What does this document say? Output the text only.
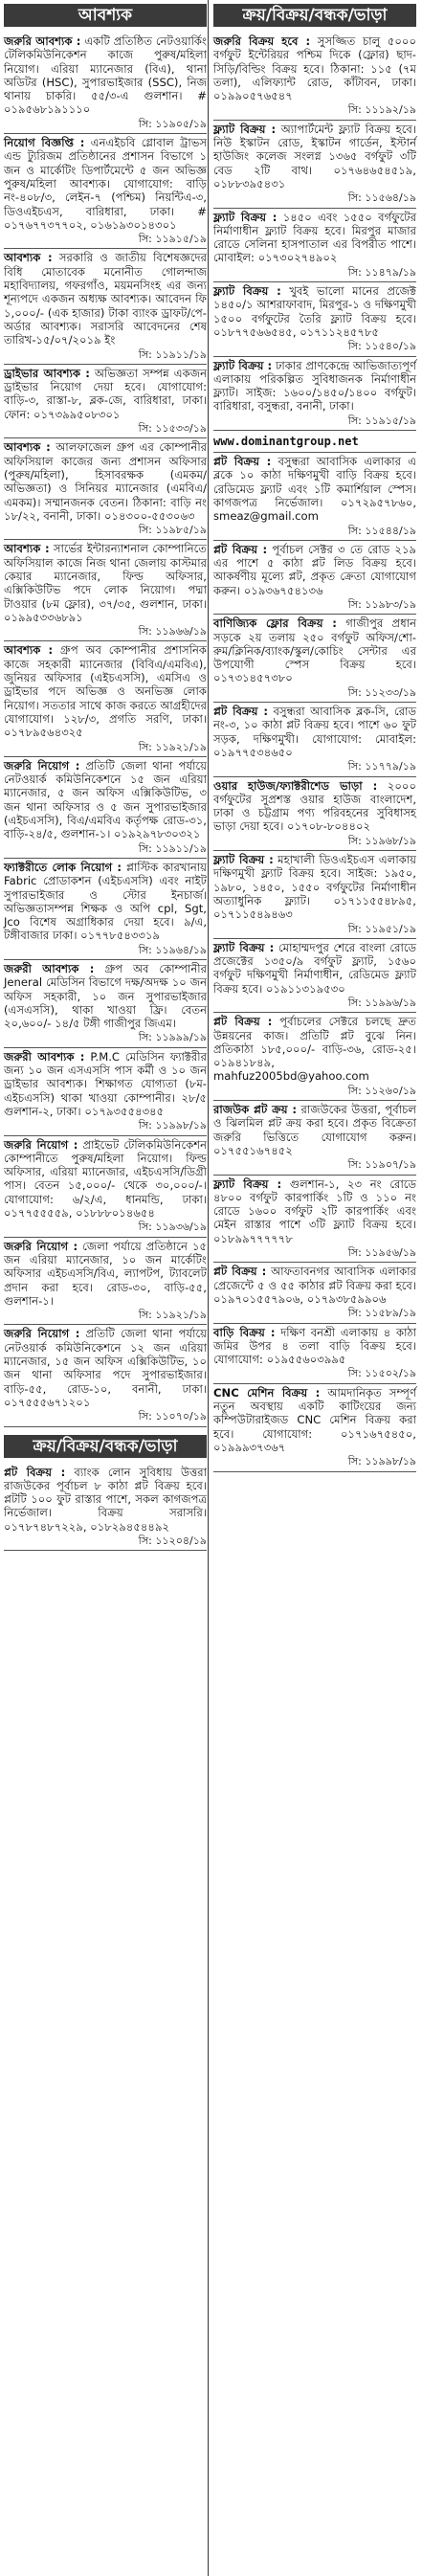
আবশ্যক
জরুরি আবশ্যক : একটি প্রতিষ্ঠিত নেটওয়ার্কিং টেলিকমিউনিকেশন কাজে পুরুষ/মহিলা নিয়োগ। এরিয়া ম্যানেজার (বিএ), থানা অডিটর (HSC), সুপারভাইজার (SSC), নিজ থানায় চাকরি। ৫৫/৩-এ গুলশান। # ০১৯৫৬৮১৯১১১০
সি: ১১৯০৫/১৯
নিয়োগ বিজ্ঞপ্তি : এনএইচবি গ্লোবাল ট্রাভস এন্ড ট্যুরিজম প্রতিষ্ঠানের প্রশাসন বিভাগে ১ জন ও মার্কেটিং ডিপার্টমেন্টে ৫ জন অভিজ্ঞ পুরুষ/মহিলা আবশ্যক। যোগাযোগ: বাড়ি নং-৪০৮/৩, লেইন-৭ (পশ্চিম) নিয়ন্টিএ-৩, ডিওএইচএস, বারিধারা, ঢাকা। # ০১৭৬৭৭৩৭৭০২, ০১৬১৯৩০১৪৩০১
সি: ১১৯১৫/১৯
আবশ্যক : সরকারি ও জাতীয় বিশেষজ্ঞদের বিধি মোতাবেক মনোনীত গোলন্দাজ মহাবিদ্যালয়, গফরগাঁও, ময়মনসিংহ এর জন্য শূন্যপদে একজন অধ্যক্ষ আবশ্যক। আবেদন ফি ১,০০০/- (এক হাজার) টাকা ব্যাংক ড্রাফট/পে-অর্ডার আবশ্যক। সরাসরি আবেদনের শেষ তারিখ-১৫/০৭/২০১৯ ইং
সি: ১১৯১১/১৯
ড্রাইভার আবশ্যক : অভিজ্ঞতা সম্পন্ন একজন ড্রাইভার নিয়োগ দেয়া হবে। যোগাযোগ: বাড়ি-৩, রাস্তা-৮, ব্লক-জে, বারিধারা, ঢাকা। ফোন: ০১৭৩৯৯৫০৮৩০১
সি: ১১৫৩৩/১৯
আবশ্যক : আলফাজেল গ্রুপ এর কোম্পানীর অফিসিয়াল কাজের জন্য প্রশাসন অফিসার (পুরুষ/মহিলা), হিসাবরক্ষক (এমকম/অভিজ্ঞতা) ও সিনিয়র ম্যানেজার (এমবিএ/এমকম)। সম্মানজনক বেতন। ঠিকানা: বাড়ি নং ১৮/২২, বনানী, ঢাকা। ০১৪৩০০-৫৫৩০৬৩
সি: ১১৯৮৫/১৯
আবশ্যক : সার্ভের ইন্টারন্যাশনাল কোম্পানিতে অফিসিয়াল কাজে নিজ থানা জেলায় কাস্টমার কেয়ার ম্যানেজার, ফিল্ড অফিসার, এক্সিকিউটিভ পদে লোক নিয়োগ। পদ্মা টাওয়ার (৮ম ফ্লোর), ৩৭/৩৫, গুলশান, ঢাকা। ০১৯৯৫৩৩৬৮৯১
সি: ১১৯৬৬/১৯
আবশ্যক : গ্রুপ অব কোম্পানীর প্রশাসনিক কাজে সহকারী ম্যানেজার (বিবিএ/এমবিএ), জুনিয়র অফিসার (এইচএসসি), এমসিএ ও ড্রাইভার পদে অভিজ্ঞ ও অনভিজ্ঞ লোক নিয়োগ। সততার সাথে কাজ করতে আগ্রহীদের যোগাযোগ। ১২৮/৩, প্রগতি সরণি, ঢাকা। ০১৭৮৯৫৬৪৩২৫
সি: ১১৯২১/১৯
জরুরি নিয়োগ : প্রতিটি জেলা থানা পর্যায়ে নেটওয়ার্ক কমিউনিকেশনে ১৫ জন এরিয়া ম্যানেজার, ৫ জন অফিস এক্সিকিউটিভ, ৩ জন থানা অফিসার ও ৫ জন সুপারভাইজার (এইচএসসি), বিএ/এমবিএ কর্তৃপক্ষ রোড-৩১, বাড়ি-২৪/৫, গুলশান-১। ০১৯২৯৭৮৩০৩২১
সি: ১১৯১১/১৯
ফ্যাক্টরীতে লোক নিয়োগ : প্লাস্টিক কারখানায় Fabric প্রোডাকশন (এইচএসসি) এবং নাইট সুপারভাইজার ও স্টোর ইনচার্জ। অভিজ্ঞতাসম্পন্ন শিক্ষক ও অপি cpl, Sgt, Jco বিশেষ অগ্রাধিকার দেয়া হবে। ৯/এ, টঙ্গীবাজার ঢাকা। ০১৭৭৮৫৪৩৩১৯
সি: ১১৯৬৪/১৯
জরুরী আবশ্যক : গ্রুপ অব কোম্পানীর Jeneral মেডিসিন বিভাগে দক্ষ/অদক্ষ ১০ জন অফিস সহকারী, ১০ জন সুপারভাইজার (এসএসসি), থাকা খাওয়া ফ্রি। বেতন ২০,৬০০/- ১৪/৫ টঙ্গী গাজীপুর জিএম।
সি: ১১৯৯৯/১৯
জরুরী আবশ্যক : P.M.C মেডিসিন ফ্যাক্টরীর জন্য ১০ জন এসএসসি পাস কর্মী ও ১০ জন ড্রাইভার আবশ্যক। শিক্ষাগত যোগ্যতা (৮ম-এইচএসসি) থাকা খাওয়া কোম্পানীর। ২৮/৫ গুলশান-২, ঢাকা। ০১৭৯৩৫৫৪৩৪৫
সি: ১১৯৯৮/১৯
জরুরি নিয়োগ : প্রাইভেট টেলিকমিউনিকেশন কোম্পানীতে পুরুষ/মহিলা নিয়োগ। ফিল্ড অফিসার, এরিয়া ম্যানেজার, এইচএসসি/ডিগ্রী পাস। বেতন ১৫,০০০/- থেকে ৩০,০০০/-। যোগাযোগ: ৬/২/এ, ধানমন্ডি, ঢাকা। ০১৭৭৫৫৫৫৯, ০১৮৮৮০১৪৬৫৪
সি: ১১৯৩৬/১৯
জরুরি নিয়োগ : জেলা পর্যায়ে প্রতিষ্ঠানে ১৫ জন এরিয়া ম্যানেজার, ১০ জন মার্কেটিং অফিসার এইচএসসি/বিএ, ল্যাপটপ, ট্যাবলেট প্রদান করা হবে। রোড-৩০, বাড়ি-৫৫, গুলশান-১।
সি: ১১৯২১/১৯
জরুরি নিয়োগ : প্রতিটি জেলা থানা পর্যায়ে নেটওয়ার্ক কমিউনিকেশনে ১২ জন এরিয়া ম্যানেজার, ১৫ জন অফিস এক্সিকিউটিভ, ১০ জন থানা অফিসার পদে সুপারভাইজার। বাড়ি-৫৫, রোড-১০, বনানী, ঢাকা। ০১৭৫৫৫৬৭১২০১
সি: ১১০৭০/১৯
ক্রয়/বিক্রয়/বন্ধক/ভাড়া
প্লট বিক্রয় : ব্যাংক লোন সুবিধায় উত্তরা রাজউকের পূর্বাচল ৮ কাঠা প্লট বিক্রয় হবে। প্লটটি ১০০ ফুট রাস্তার পাশে, সকল কাগজপত্র নির্ভেজাল। বিক্রয় সরাসরি। ০১৭৮৭৪৮৭২২৯, ০১৮২৯৪৫৪৪৯২
সি: ১১২০৪/১৯
ক্রয়/বিক্রয়/বন্ধক/ভাড়া
জরুরি বিক্রয় হবে : সুসজ্জিত চালু ৫০০০ বর্গফুট ইন্টেরিয়র পশ্চিম দিকে (ফ্লোর) ছাদ-সিড়ি/বিল্ডিং বিক্রয় হবে। ঠিকানা: ১১৫ (৭ম তলা), এলিফ্যান্ট রোড, কাঁটাবন, ঢাকা। ০১৯৯০৫৭৬৫৪৭
সি: ১১১৯২/১৯
ফ্ল্যাট বিক্রয় : অ্যাপার্টমেন্ট ফ্ল্যাট বিক্রয় হবে। নিউ ইস্কাটন রোড, ইস্কাটন গার্ডেন, ইস্টার্ন হাউজিং কলেজ সংলগ্ন ১৩৬৫ বর্গফুট ৩টি বেড ২টি বাথ। ০১৭৬৪৬৫৪৫১৯, ০১৮৮৩৯৫৪৩১
সি: ১১৫৬৪/১৯
ফ্ল্যাট বিক্রয় : ১৪৫০ এবং ১৫৫০ বর্গফুটের নির্মাণাধীন ফ্ল্যাট বিক্রয় হবে। মিরপুর মাজার রোডে সেলিনা হাসপাতাল এর বিপরীত পাশে। মোবাইল: ০১৭৩০২৭৪৯০২
সি: ১১৪৭৯/১৯
ফ্ল্যাট বিক্রয় : খুবই ভালো মানের প্রজেক্ট ১৪৫০/১ আশরাফাবাদ, মিরপুর-১ ও দক্ষিণমুখী ১৫০০ বর্গফুটের তৈরি ফ্ল্যাট বিক্রয় হবে। ০১৮৭৭৫৬৬৫৪৫, ০১৭১১২৪৫৭৮৫
সি: ১১৫৪০/১৯
ফ্ল্যাট বিক্রয় : ঢাকার প্রাণকেন্দ্রে আভিজাত্যপূর্ণ এলাকায় পরিকল্পিত সুবিধাজনক নির্মাণাধীন ফ্ল্যাট। সাইজ: ১৬০০/১৪৫০/১৪০০ বর্গফুট। বারিধারা, বসুন্ধরা, বনানী, ঢাকা।
সি: ১১৯১৫/১৯
www.dominantgroup.net
প্লট বিক্রয় : বসুন্ধরা আবাসিক এলাকার এ ব্লকে ১০ কাঠা দক্ষিণমুখী বাড়ি বিক্রয় হবে। রেডিমেড ফ্ল্যাট এবং ১টি কমার্শিয়াল স্পেস। কাগজপত্র নির্ভেজাল। ০১৭২৯৫৭৮৬০, smeaz@gmail.com
সি: ১১৫৪৪/১৯
প্লট বিক্রয় : পূর্বাচল সেক্টর ৩ তে রোড ২১৯ এর পাশে ৫ কাঠা প্লট লিড বিক্রয় হবে। আকর্ষণীয় মূল্যে প্লট, প্রকৃত ক্রেতা যোগাযোগ করুন। ০১৯৩৬৭৫৪১৩৬
সি: ১১৯৮৩/১৯
বাণিজ্যিক ফ্লোর বিক্রয় : গাজীপুর প্রধান সড়কে ২য় তলায় ২৫০ বর্গফুট অফিস/শো-রুম/ক্লিনিক/ব্যাংক/স্কুল/কোচিং সেন্টার এর উপযোগী স্পেস বিক্রয় হবে। ০১৭৩১৪৫৭৩৮০
সি: ১১২৩৩/১৯
প্লট বিক্রয় : বসুন্ধরা আবাসিক ব্লক-সি, রোড নং-৩, ১০ কাঠা প্লট বিক্রয় হবে। পাশে ৬০ ফুট সড়ক, দক্ষিণমুখী। যোগাযোগ: মোবাইল: ০১৯৭৭৫৩৪৬৫০
সি: ১১৭৭৯/১৯
ওয়ার হাউজ/ফ্যাক্টরীশেড ভাড়া : ২০০০ বর্গফুটের সুপ্রশস্ত ওয়ার হাউজ বাংলাদেশ, ঢাকা ও চট্টগ্রাম পণ্য পরিবহনের সুবিধাসহ ভাড়া দেয়া হবে। ০১৭০৮-৮০৪৪০২
সি: ১১৯৬৮/১৯
ফ্ল্যাট বিক্রয় : মহাখালী ডিওএইচএস এলাকায় দক্ষিণমুখী ফ্ল্যাট বিক্রয় হবে। সাইজ: ১৯৫০, ১৯৮০, ১৪৫০, ১৫৫০ বর্গফুটের নির্মাণাধীন অত্যাধুনিক ফ্ল্যাট। ০১৭১১৫৫৪৮৯৫, ০১৭১১৫৪৯৪৬৩
সি: ১১৯৫১/১৯
ফ্ল্যাট বিক্রয় : মোহাম্মদপুর শেরে বাংলা রোডে প্রজেক্টের ১৩৫০/৯ বর্গফুট ফ্ল্যাট, ১৫৬০ বর্গফুট দক্ষিণমুখী নির্মাণাধীন, রেডিমেড ফ্ল্যাট বিক্রয় হবে। ০১৯১১৩১৯৫৩০
সি: ১১৯৯৬/১৯
প্লট বিক্রয় : পূর্বাচলের সেক্টরে চলছে দ্রুত উন্নয়নের কাজ। প্রতিটি প্লট বুঝে নিন। প্রতিকাঠা ১৮৫,০০০/- বাড়ি-৩৬, রোড-২৫। ০১৯৪১৮৪৯, mahfuz2005bd@yahoo.com
সি: ১১২৬০/১৯
রাজউক প্লট ক্রয় : রাজউকের উত্তরা, পূর্বাচল ও ঝিলমিল প্লট ক্রয় করা হবে। প্রকৃত বিক্রেতা জরুরি ভিত্তিতে যোগাযোগ করুন। ০১৭৫৫১৬৭৪৫২
সি: ১১৯০৭/১৯
ফ্ল্যাট বিক্রয় : গুলশান-১, ২৩ নং রোডে ৪৮০০ বর্গফুট কারপার্কিং ১টি ও ১১০ নং রোডে ১৬০০ বর্গফুট ২টি কারপার্কিং এবং মেইন রাস্তার পাশে ৩টি ফ্ল্যাট বিক্রয় হবে। ০১৮৯৯৭৭৭৭৭৮
সি: ১১৯৫৬/১৯
প্লট বিক্রয় : আফতাবনগর আবাসিক এলাকার প্রেজেন্টে ৫ ও ৫৫ কাঠার প্লট বিক্রয় করা হবে। ০১৯৭০১৫৫৭৯০৬, ০১৭৯৩৮৫৯৯০৬
সি: ১১৫৮৯/১৯
বাড়ি বিক্রয় : দক্ষিণ বনশ্রী এলাকায় ৪ কাঠা জমির উপর ৪ তলা বাড়ি বিক্রয় হবে। যোগাযোগ: ০১৯৫৫৬০৩৯৯৫
সি: ১১৫০২/১৯
CNC মেশিন বিক্রয় : আমদানিকৃত সম্পূর্ণ নতুন অবস্থায় একটি কাটিংয়ের জন্য কম্পিউটারাইজড CNC মেশিন বিক্রয় করা হবে। যোগাযোগ: ০১৭১৬৭৫৪৫০, ০১৯৯৯৩৭৩৬৭
সি: ১১৯৯৮/১৯
